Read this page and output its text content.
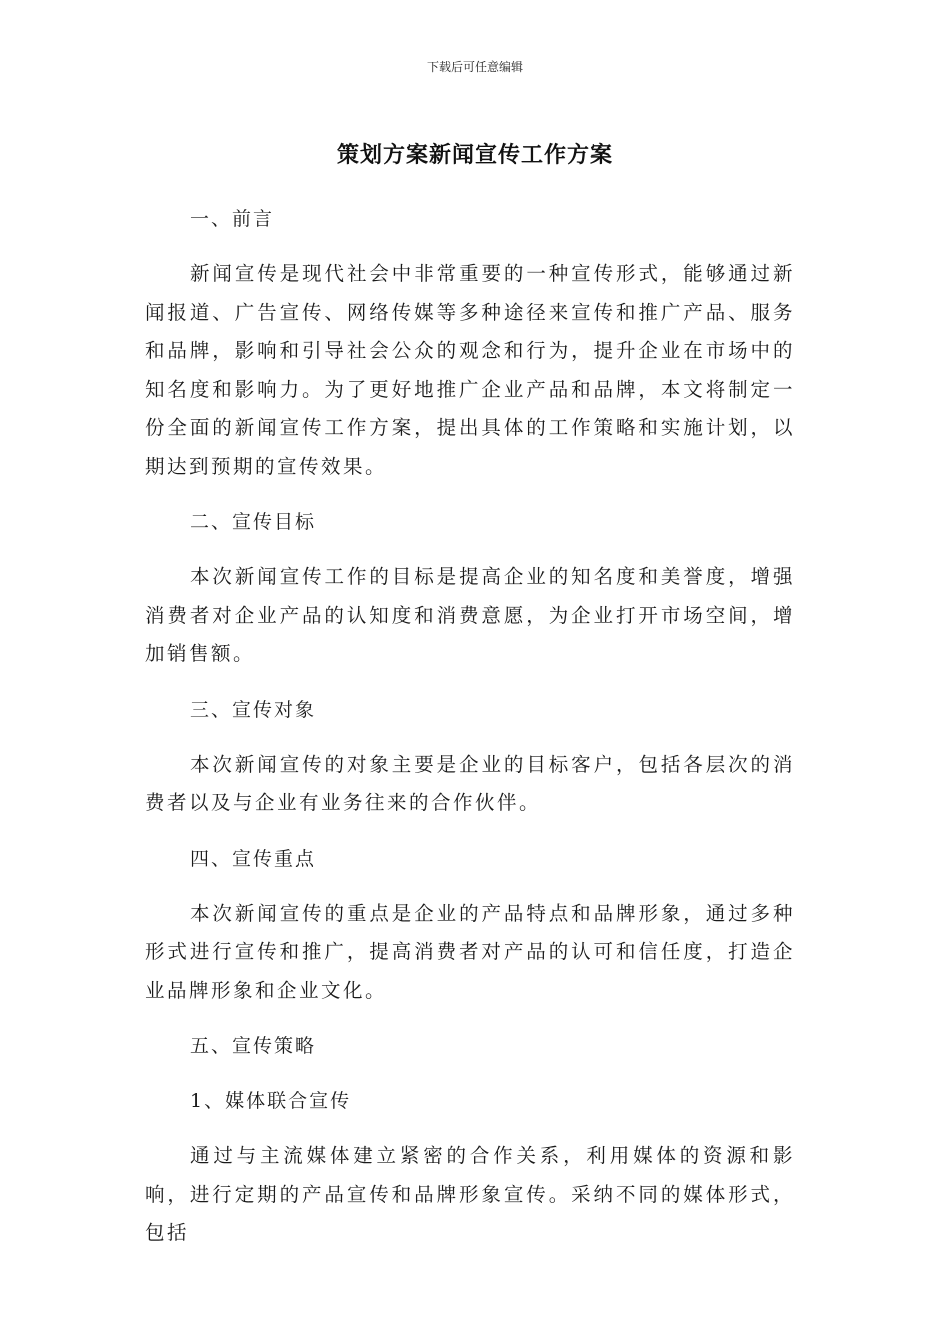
下载后可任意编辑
策划方案新闻宣传工作方案
一、前言
新闻宣传是现代社会中非常重要的一种宣传形式，能够通过新闻报道、广告宣传、网络传媒等多种途径来宣传和推广产品、服务和品牌，影响和引导社会公众的观念和行为，提升企业在市场中的知名度和影响力。为了更好地推广企业产品和品牌，本文将制定一份全面的新闻宣传工作方案，提出具体的工作策略和实施计划，以期达到预期的宣传效果。
二、宣传目标
本次新闻宣传工作的目标是提高企业的知名度和美誉度，增强消费者对企业产品的认知度和消费意愿，为企业打开市场空间，增加销售额。
三、宣传对象
本次新闻宣传的对象主要是企业的目标客户，包括各层次的消费者以及与企业有业务往来的合作伙伴。
四、宣传重点
本次新闻宣传的重点是企业的产品特点和品牌形象，通过多种形式进行宣传和推广，提高消费者对产品的认可和信任度，打造企业品牌形象和企业文化。
五、宣传策略
1、媒体联合宣传
通过与主流媒体建立紧密的合作关系，利用媒体的资源和影响，进行定期的产品宣传和品牌形象宣传。采纳不同的媒体形式，包括
